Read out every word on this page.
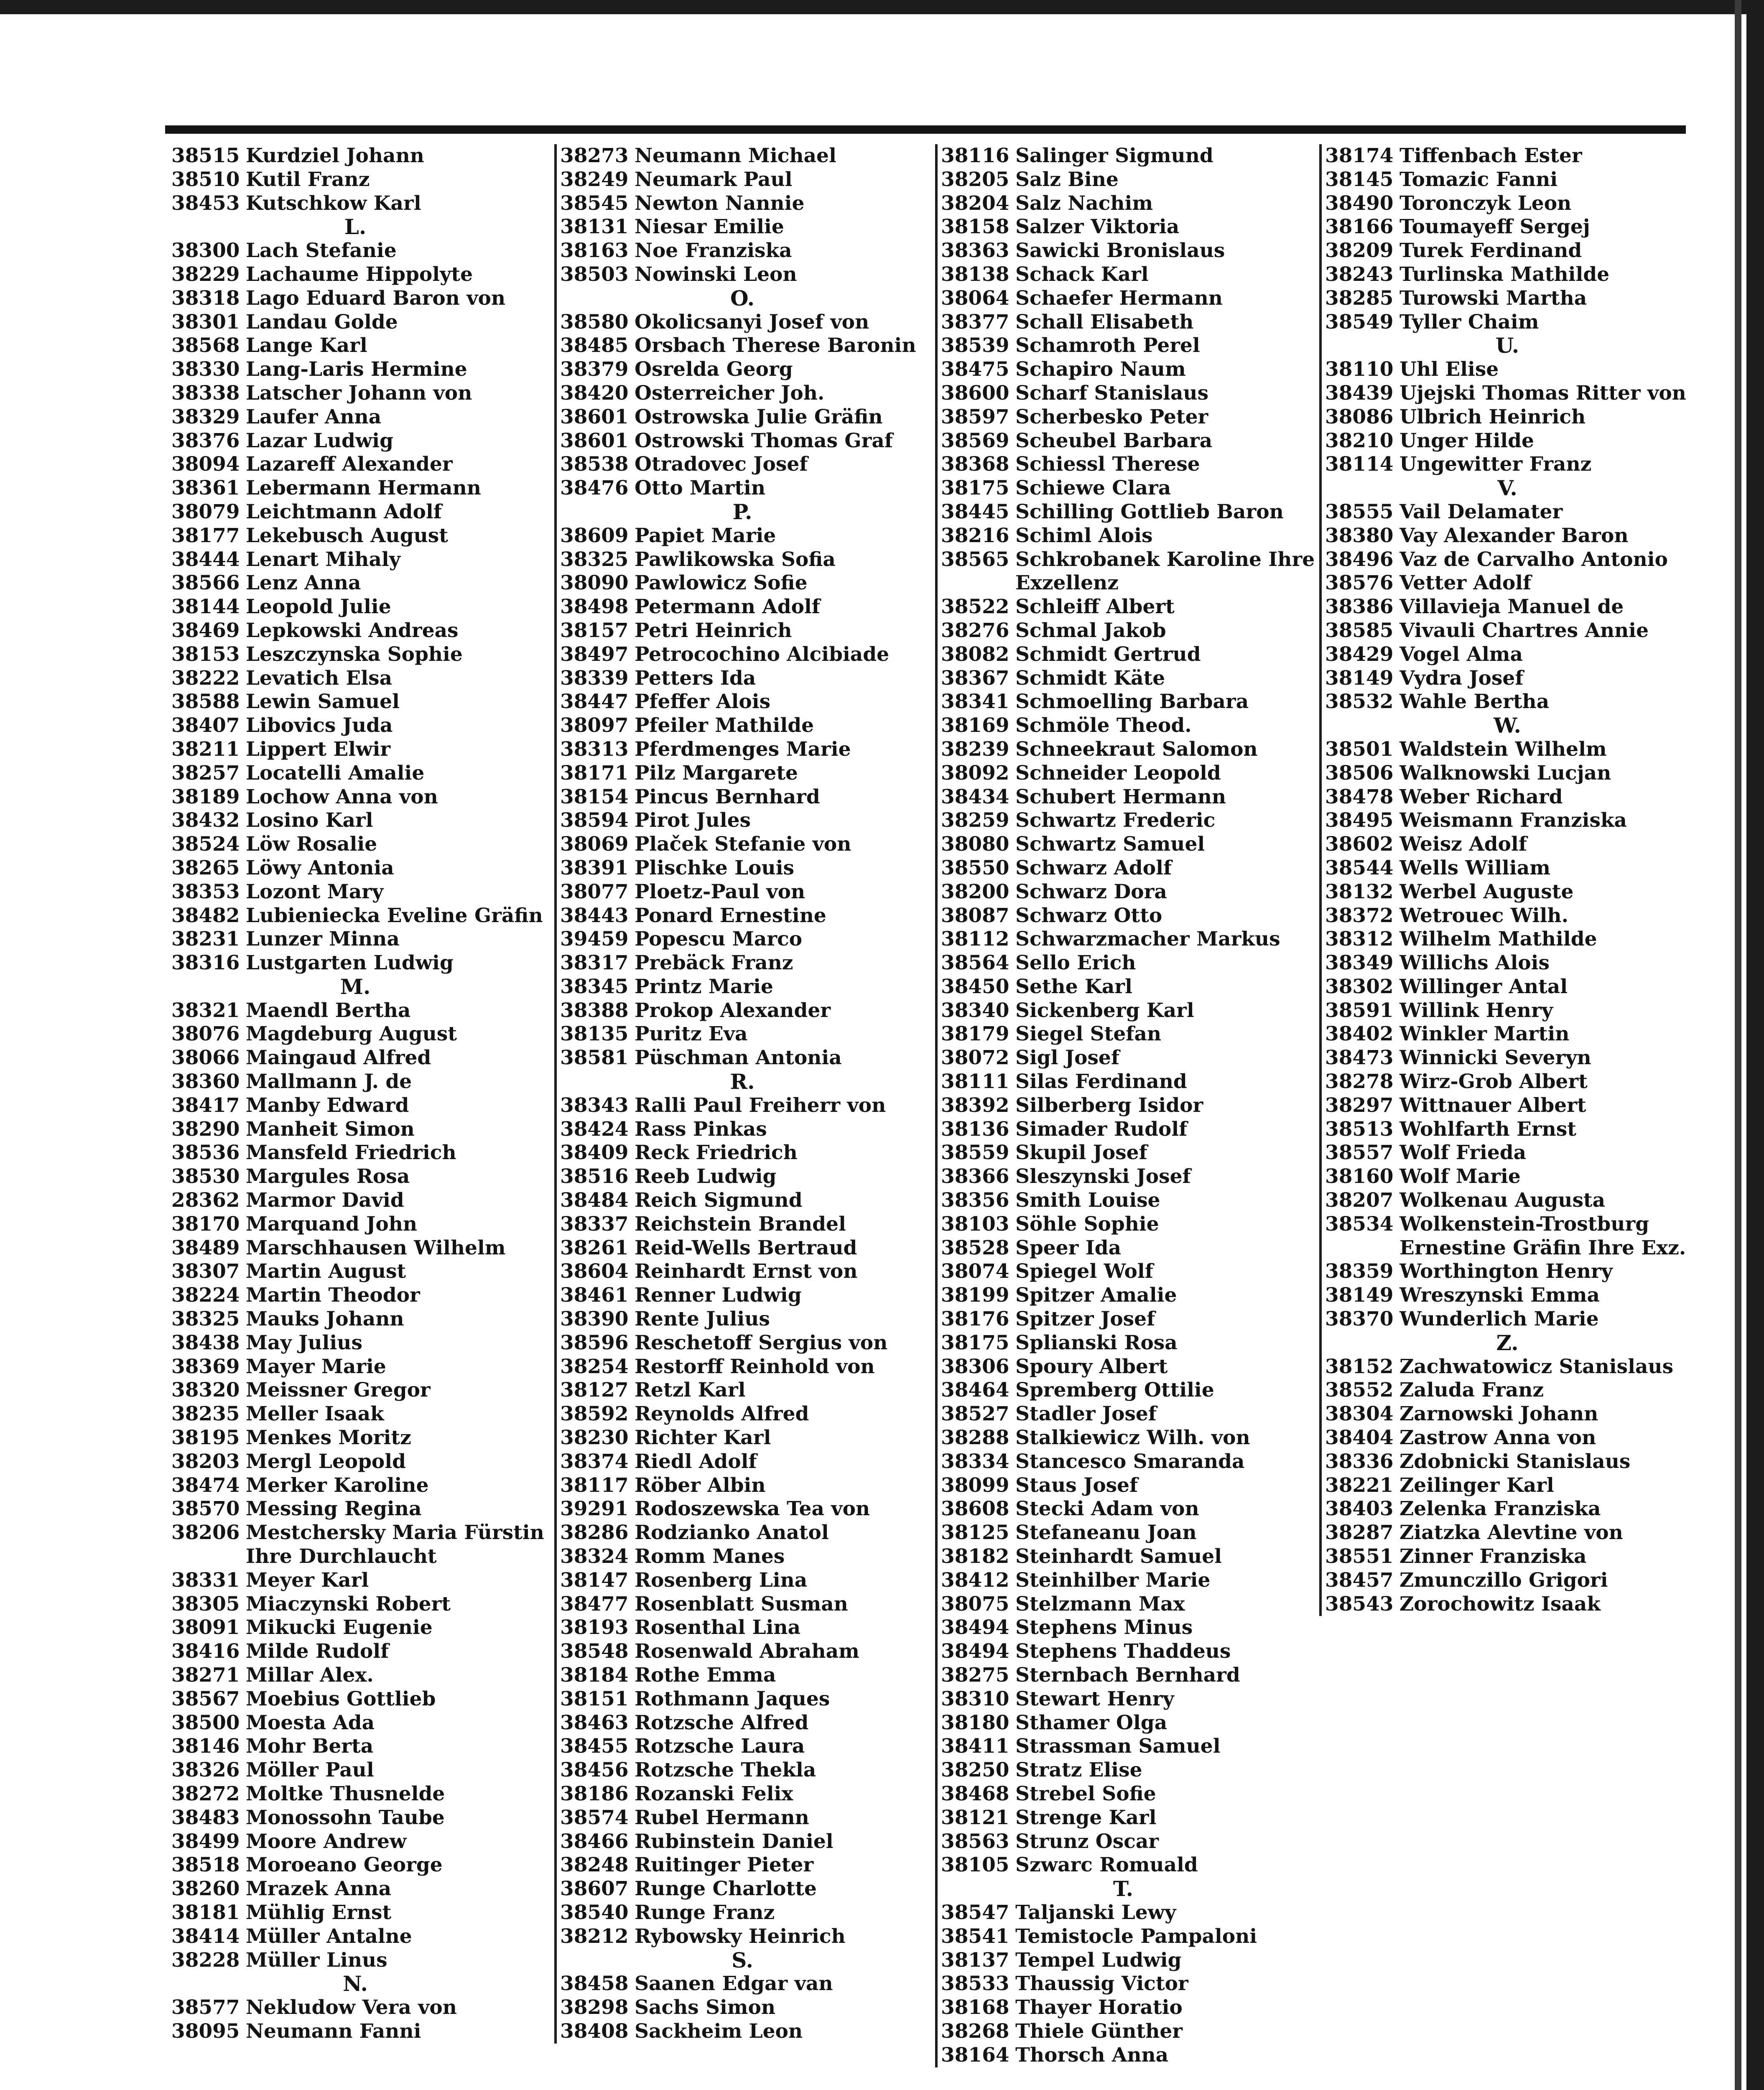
38515 Kurdziel Johann
38510 Kutil Franz
38453 Kutschkow Karl
L.
38300 Lach Stefanie
38229 Lachaume Hippolyte
38318 Lago Eduard Baron von
38301 Landau Golde
38568 Lange Karl
38330 Lang-Laris Hermine
38338 Latscher Johann von
38329 Laufer Anna
38376 Lazar Ludwig
38094 Lazareff Alexander
38361 Lebermann Hermann
38079 Leichtmann Adolf
38177 Lekebusch August
38444 Lenart Mihaly
38566 Lenz Anna
38144 Leopold Julie
38469 Lepkowski Andreas
38153 Leszczynska Sophie
38222 Levatich Elsa
38588 Lewin Samuel
38407 Libovics Juda
38211 Lippert Elwir
38257 Locatelli Amalie
38189 Lochow Anna von
38432 Losino Karl
38524 Löw Rosalie
38265 Löwy Antonia
38353 Lozont Mary
38482 Lubieniecka Eveline Gräfin
38231 Lunzer Minna
38316 Lustgarten Ludwig
M.
38321 Maendl Bertha
38076 Magdeburg August
38066 Maingaud Alfred
38360 Mallmann J. de
38417 Manby Edward
38290 Manheit Simon
38536 Mansfeld Friedrich
38530 Margules Rosa
28362 Marmor David
38170 Marquand John
38489 Marschhausen Wilhelm
38307 Martin August
38224 Martin Theodor
38325 Mauks Johann
38438 May Julius
38369 Mayer Marie
38320 Meissner Gregor
38235 Meller Isaak
38195 Menkes Moritz
38203 Mergl Leopold
38474 Merker Karoline
38570 Messing Regina
38206 Mestchersky Maria Fürstin
Ihre Durchlaucht
38331 Meyer Karl
38305 Miaczynski Robert
38091 Mikucki Eugenie
38416 Milde Rudolf
38271 Millar Alex.
38567 Moebius Gottlieb
38500 Moesta Ada
38146 Mohr Berta
38326 Möller Paul
38272 Moltke Thusnelde
38483 Monossohn Taube
38499 Moore Andrew
38518 Moroeano George
38260 Mrazek Anna
38181 Mühlig Ernst
38414 Müller Antalne
38228 Müller Linus
N.
38577 Nekludow Vera von
38095 Neumann Fanni
38273 Neumann Michael
38249 Neumark Paul
38545 Newton Nannie
38131 Niesar Emilie
38163 Noe Franziska
38503 Nowinski Leon
O.
38580 Okolicsanyi Josef von
38485 Orsbach Therese Baronin
38379 Osrelda Georg
38420 Osterreicher Joh.
38601 Ostrowska Julie Gräfin
38601 Ostrowski Thomas Graf
38538 Otradovec Josef
38476 Otto Martin
P.
38609 Papiet Marie
38325 Pawlikowska Sofia
38090 Pawlowicz Sofie
38498 Petermann Adolf
38157 Petri Heinrich
38497 Petrocochino Alcibiade
38339 Petters Ida
38447 Pfeffer Alois
38097 Pfeiler Mathilde
38313 Pferdmenges Marie
38171 Pilz Margarete
38154 Pincus Bernhard
38594 Pirot Jules
38069 Plaček Stefanie von
38391 Plischke Louis
38077 Ploetz-Paul von
38443 Ponard Ernestine
39459 Popescu Marco
38317 Prebäck Franz
38345 Printz Marie
38388 Prokop Alexander
38135 Puritz Eva
38581 Püschman Antonia
R.
38343 Ralli Paul Freiherr von
38424 Rass Pinkas
38409 Reck Friedrich
38516 Reeb Ludwig
38484 Reich Sigmund
38337 Reichstein Brandel
38261 Reid-Wells Bertraud
38604 Reinhardt Ernst von
38461 Renner Ludwig
38390 Rente Julius
38596 Reschetoff Sergius von
38254 Restorff Reinhold von
38127 Retzl Karl
38592 Reynolds Alfred
38230 Richter Karl
38374 Riedl Adolf
38117 Röber Albin
39291 Rodoszewska Tea von
38286 Rodzianko Anatol
38324 Romm Manes
38147 Rosenberg Lina
38477 Rosenblatt Susman
38193 Rosenthal Lina
38548 Rosenwald Abraham
38184 Rothe Emma
38151 Rothmann Jaques
38463 Rotzsche Alfred
38455 Rotzsche Laura
38456 Rotzsche Thekla
38186 Rozanski Felix
38574 Rubel Hermann
38466 Rubinstein Daniel
38248 Ruitinger Pieter
38607 Runge Charlotte
38540 Runge Franz
38212 Rybowsky Heinrich
S.
38458 Saanen Edgar van
38298 Sachs Simon
38408 Sackheim Leon
38116 Salinger Sigmund
38205 Salz Bine
38204 Salz Nachim
38158 Salzer Viktoria
38363 Sawicki Bronislaus
38138 Schack Karl
38064 Schaefer Hermann
38377 Schall Elisabeth
38539 Schamroth Perel
38475 Schapiro Naum
38600 Scharf Stanislaus
38597 Scherbesko Peter
38569 Scheubel Barbara
38368 Schiessl Therese
38175 Schiewe Clara
38445 Schilling Gottlieb Baron
38216 Schiml Alois
38565 Schkrobanek Karoline Ihre
Exzellenz
38522 Schleiff Albert
38276 Schmal Jakob
38082 Schmidt Gertrud
38367 Schmidt Käte
38341 Schmoelling Barbara
38169 Schmöle Theod.
38239 Schneekraut Salomon
38092 Schneider Leopold
38434 Schubert Hermann
38259 Schwartz Frederic
38080 Schwartz Samuel
38550 Schwarz Adolf
38200 Schwarz Dora
38087 Schwarz Otto
38112 Schwarzmacher Markus
38564 Sello Erich
38450 Sethe Karl
38340 Sickenberg Karl
38179 Siegel Stefan
38072 Sigl Josef
38111 Silas Ferdinand
38392 Silberberg Isidor
38136 Simader Rudolf
38559 Skupil Josef
38366 Sleszynski Josef
38356 Smith Louise
38103 Söhle Sophie
38528 Speer Ida
38074 Spiegel Wolf
38199 Spitzer Amalie
38176 Spitzer Josef
38175 Splianski Rosa
38306 Spoury Albert
38464 Spremberg Ottilie
38527 Stadler Josef
38288 Stalkiewicz Wilh. von
38334 Stancesco Smaranda
38099 Staus Josef
38608 Stecki Adam von
38125 Stefaneanu Joan
38182 Steinhardt Samuel
38412 Steinhilber Marie
38075 Stelzmann Max
38494 Stephens Minus
38494 Stephens Thaddeus
38275 Sternbach Bernhard
38310 Stewart Henry
38180 Sthamer Olga
38411 Strassman Samuel
38250 Stratz Elise
38468 Strebel Sofie
38121 Strenge Karl
38563 Strunz Oscar
38105 Szwarc Romuald
T.
38547 Taljanski Lewy
38541 Temistocle Pampaloni
38137 Tempel Ludwig
38533 Thaussig Victor
38168 Thayer Horatio
38268 Thiele Günther
38164 Thorsch Anna
38174 Tiffenbach Ester
38145 Tomazic Fanni
38490 Toronczyk Leon
38166 Toumayeff Sergej
38209 Turek Ferdinand
38243 Turlinska Mathilde
38285 Turowski Martha
38549 Tyller Chaim
U.
38110 Uhl Elise
38439 Ujejski Thomas Ritter von
38086 Ulbrich Heinrich
38210 Unger Hilde
38114 Ungewitter Franz
V.
38555 Vail Delamater
38380 Vay Alexander Baron
38496 Vaz de Carvalho Antonio
38576 Vetter Adolf
38386 Villavieja Manuel de
38585 Vivauli Chartres Annie
38429 Vogel Alma
38149 Vydra Josef
38532 Wahle Bertha
W.
38501 Waldstein Wilhelm
38506 Walknowski Lucjan
38478 Weber Richard
38495 Weismann Franziska
38602 Weisz Adolf
38544 Wells William
38132 Werbel Auguste
38372 Wetrouec Wilh.
38312 Wilhelm Mathilde
38349 Willichs Alois
38302 Willinger Antal
38591 Willink Henry
38402 Winkler Martin
38473 Winnicki Severyn
38278 Wirz-Grob Albert
38297 Wittnauer Albert
38513 Wohlfarth Ernst
38557 Wolf Frieda
38160 Wolf Marie
38207 Wolkenau Augusta
38534 Wolkenstein-Trostburg
Ernestine Gräfin Ihre Exz.
38359 Worthington Henry
38149 Wreszynski Emma
38370 Wunderlich Marie
Z.
38152 Zachwatowicz Stanislaus
38552 Zaluda Franz
38304 Zarnowski Johann
38404 Zastrow Anna von
38336 Zdobnicki Stanislaus
38221 Zeilinger Karl
38403 Zelenka Franziska
38287 Ziatzka Alevtine von
38551 Zinner Franziska
38457 Zmunczillo Grigori
38543 Zorochowitz Isaak
